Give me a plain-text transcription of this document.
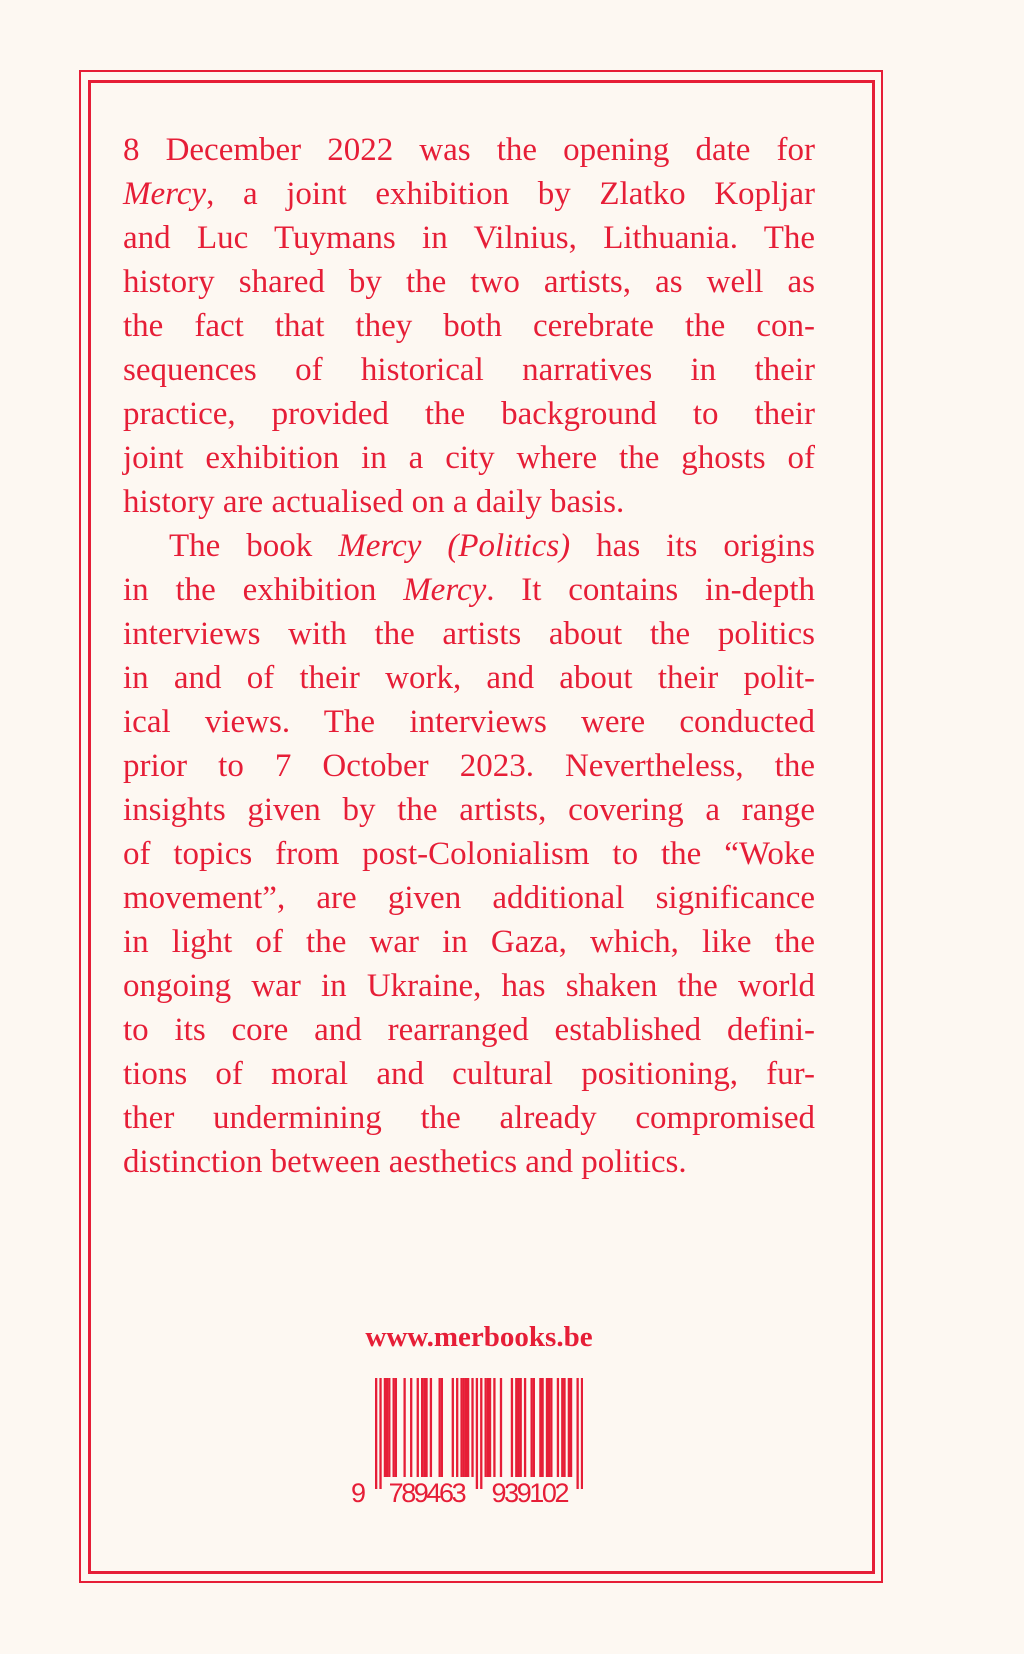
8 December 2022 was the opening date for
Mercy, a joint exhibition by Zlatko Kopljar
and Luc Tuymans in Vilnius, Lithuania. The
history shared by the two artists, as well as
the fact that they both cerebrate the con-
sequences of historical narratives in their
practice, provided the background to their
joint exhibition in a city where the ghosts of
history are actualised on a daily basis.
The book Mercy (Politics) has its origins
in the exhibition Mercy. It contains in-depth
interviews with the artists about the politics
in and of their work, and about their polit-
ical views. The interviews were conducted
prior to 7 October 2023. Nevertheless, the
insights given by the artists, covering a range
of topics from post-Colonialism to the “Woke
movement”, are given additional significance
in light of the war in Gaza, which, like the
ongoing war in Ukraine, has shaken the world
to its core and rearranged established defini-
tions of moral and cultural positioning, fur-
ther undermining the already compromised
distinction between aesthetics and politics.
www.merbooks.be
9 789463 939102
